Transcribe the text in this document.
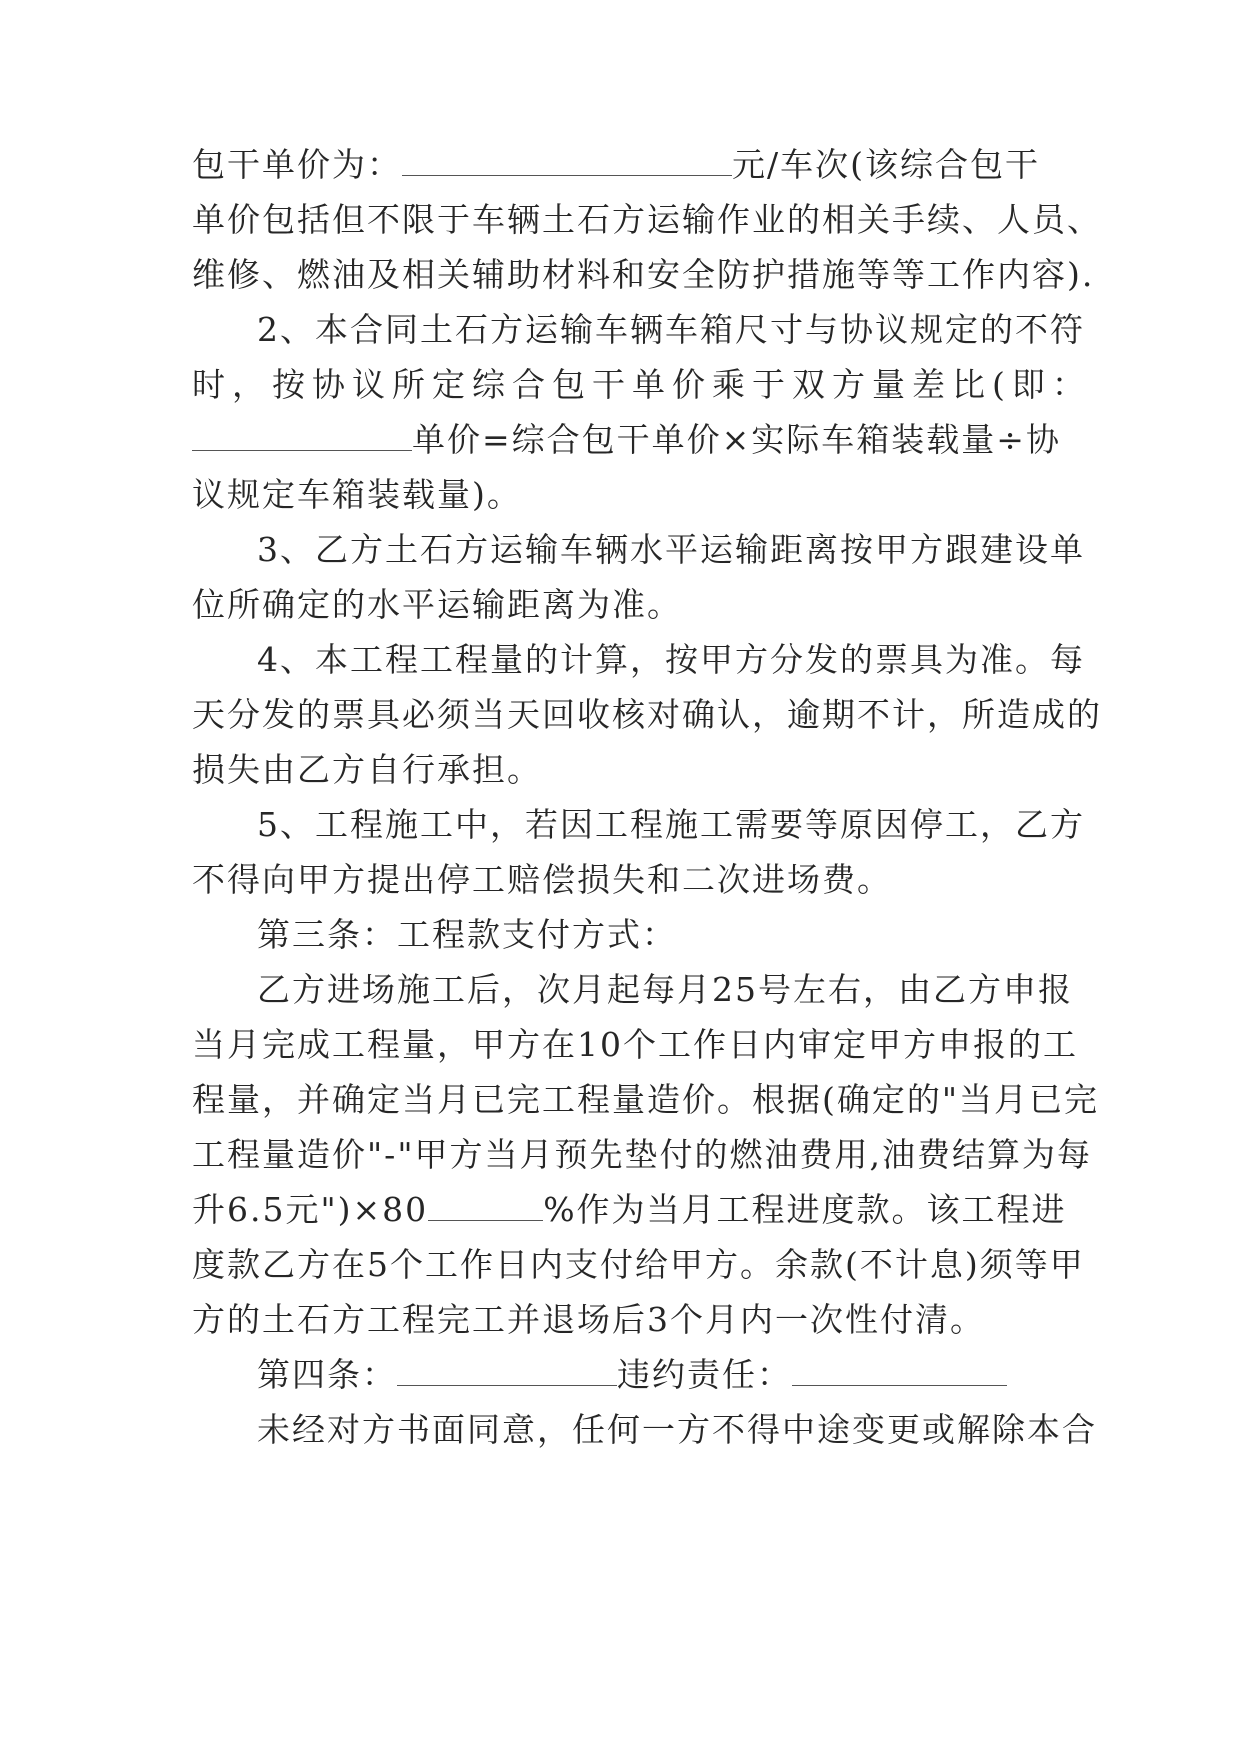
包干单价为：	元/车次(该综合包干
单价包括但不限于车辆土石方运输作业的相关手续、人员、
维修、燃油及相关辅助材料和安全防护措施等等工作内容).
2、本合同土石方运输车辆车箱尺寸与协议规定的不符
时，按协议所定综合包干单价乘于双方量差比(即：
单价=综合包干单价×实际车箱装载量÷协
议规定车箱装载量)。
3、乙方土石方运输车辆水平运输距离按甲方跟建设单
位所确定的水平运输距离为准。
4、本工程工程量的计算，按甲方分发的票具为准。每
天分发的票具必须当天回收核对确认，逾期不计，所造成的
损失由乙方自行承担。
5、工程施工中，若因工程施工需要等原因停工，乙方
不得向甲方提出停工赔偿损失和二次进场费。
第三条：工程款支付方式：
乙方进场施工后，次月起每月25号左右，由乙方申报
当月完成工程量，甲方在10个工作日内审定甲方申报的工
程量，并确定当月已完工程量造价。根据(确定的"当月已完
工程量造价"-"甲方当月预先垫付的燃油费用,油费结算为每
升6.5元")×80	%作为当月工程进度款。该工程进
度款乙方在5个工作日内支付给甲方。余款(不计息)须等甲
方的土石方工程完工并退场后3个月内一次性付清。
第四条：	违约责任：
未经对方书面同意，任何一方不得中途变更或解除本合
